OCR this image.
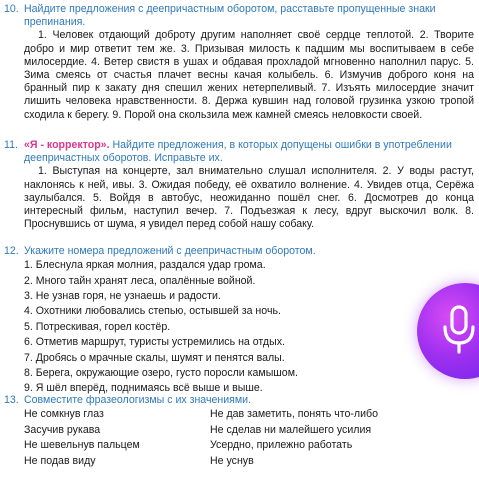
10. Найдите предложения с деепричастным оборотом, расставьте пропущенные знаки препинания.
1. Человек отдающий доброту другим наполняет своё сердце теплотой. 2. Творите добро и мир ответит тем же. 3. Призывая милость к падшим мы воспитываем в себе милосердие. 4. Ветер свистя в ушах и обдавая прохладой мгновенно наполнил парус. 5. Зима смеясь от счастья плачет весны качая колыбель. 6. Измучив доброго коня на бранный пир к закату дня спешил жених нетерпеливый. 7. Изъять милосердие значит лишить человека нравственности. 8. Держа кувшин над головой грузинка узкою тропой сходила к берегу. 9. Порой она скользила меж камней смеясь неловкости своей.
11. «Я - корректор». Найдите предложения, в которых допущены ошибки в употреблении деепричастных оборотов. Исправьте их.
1. Выступая на концерте, зал внимательно слушал исполнителя. 2. У воды растут, наклонясь к ней, ивы. 3. Ожидая победу, её охватило волнение. 4. Увидев отца, Серёжа заулыбался. 5. Войдя в автобус, неожиданно пошёл снег. 6. Досмотрев до конца интересный фильм, наступил вечер. 7. Подъезжая к лесу, вдруг выскочил волк. 8. Проснувшись от шума, я увидел перед собой нашу собаку.
12. Укажите номера предложений с деепричастным оборотом.
1. Блеснула яркая молния, раздался удар грома.
2. Много тайн хранят леса, опалённые войной.
3. Не узнав горя, не узнаешь и радости.
4. Охотники любовались степью, остывшей за ночь.
5. Потрескивая, горел костёр.
6. Отметив маршрут, туристы устремились на отдых.
7. Дробясь о мрачные скалы, шумят и пенятся валы.
8. Берега, окружающие озеро, густо поросли камышом.
9. Я шёл вперёд, поднимаясь всё выше и выше.
13. Совместите фразеологизмы с их значениями.
Не сомкнув глаз	Не дав заметить, понять что-либо
Засучив рукава	Не сделав ни малейшего усилия
Не шевельнув пальцем	Усердно, прилежно работать
Не подав виду	Не уснув
